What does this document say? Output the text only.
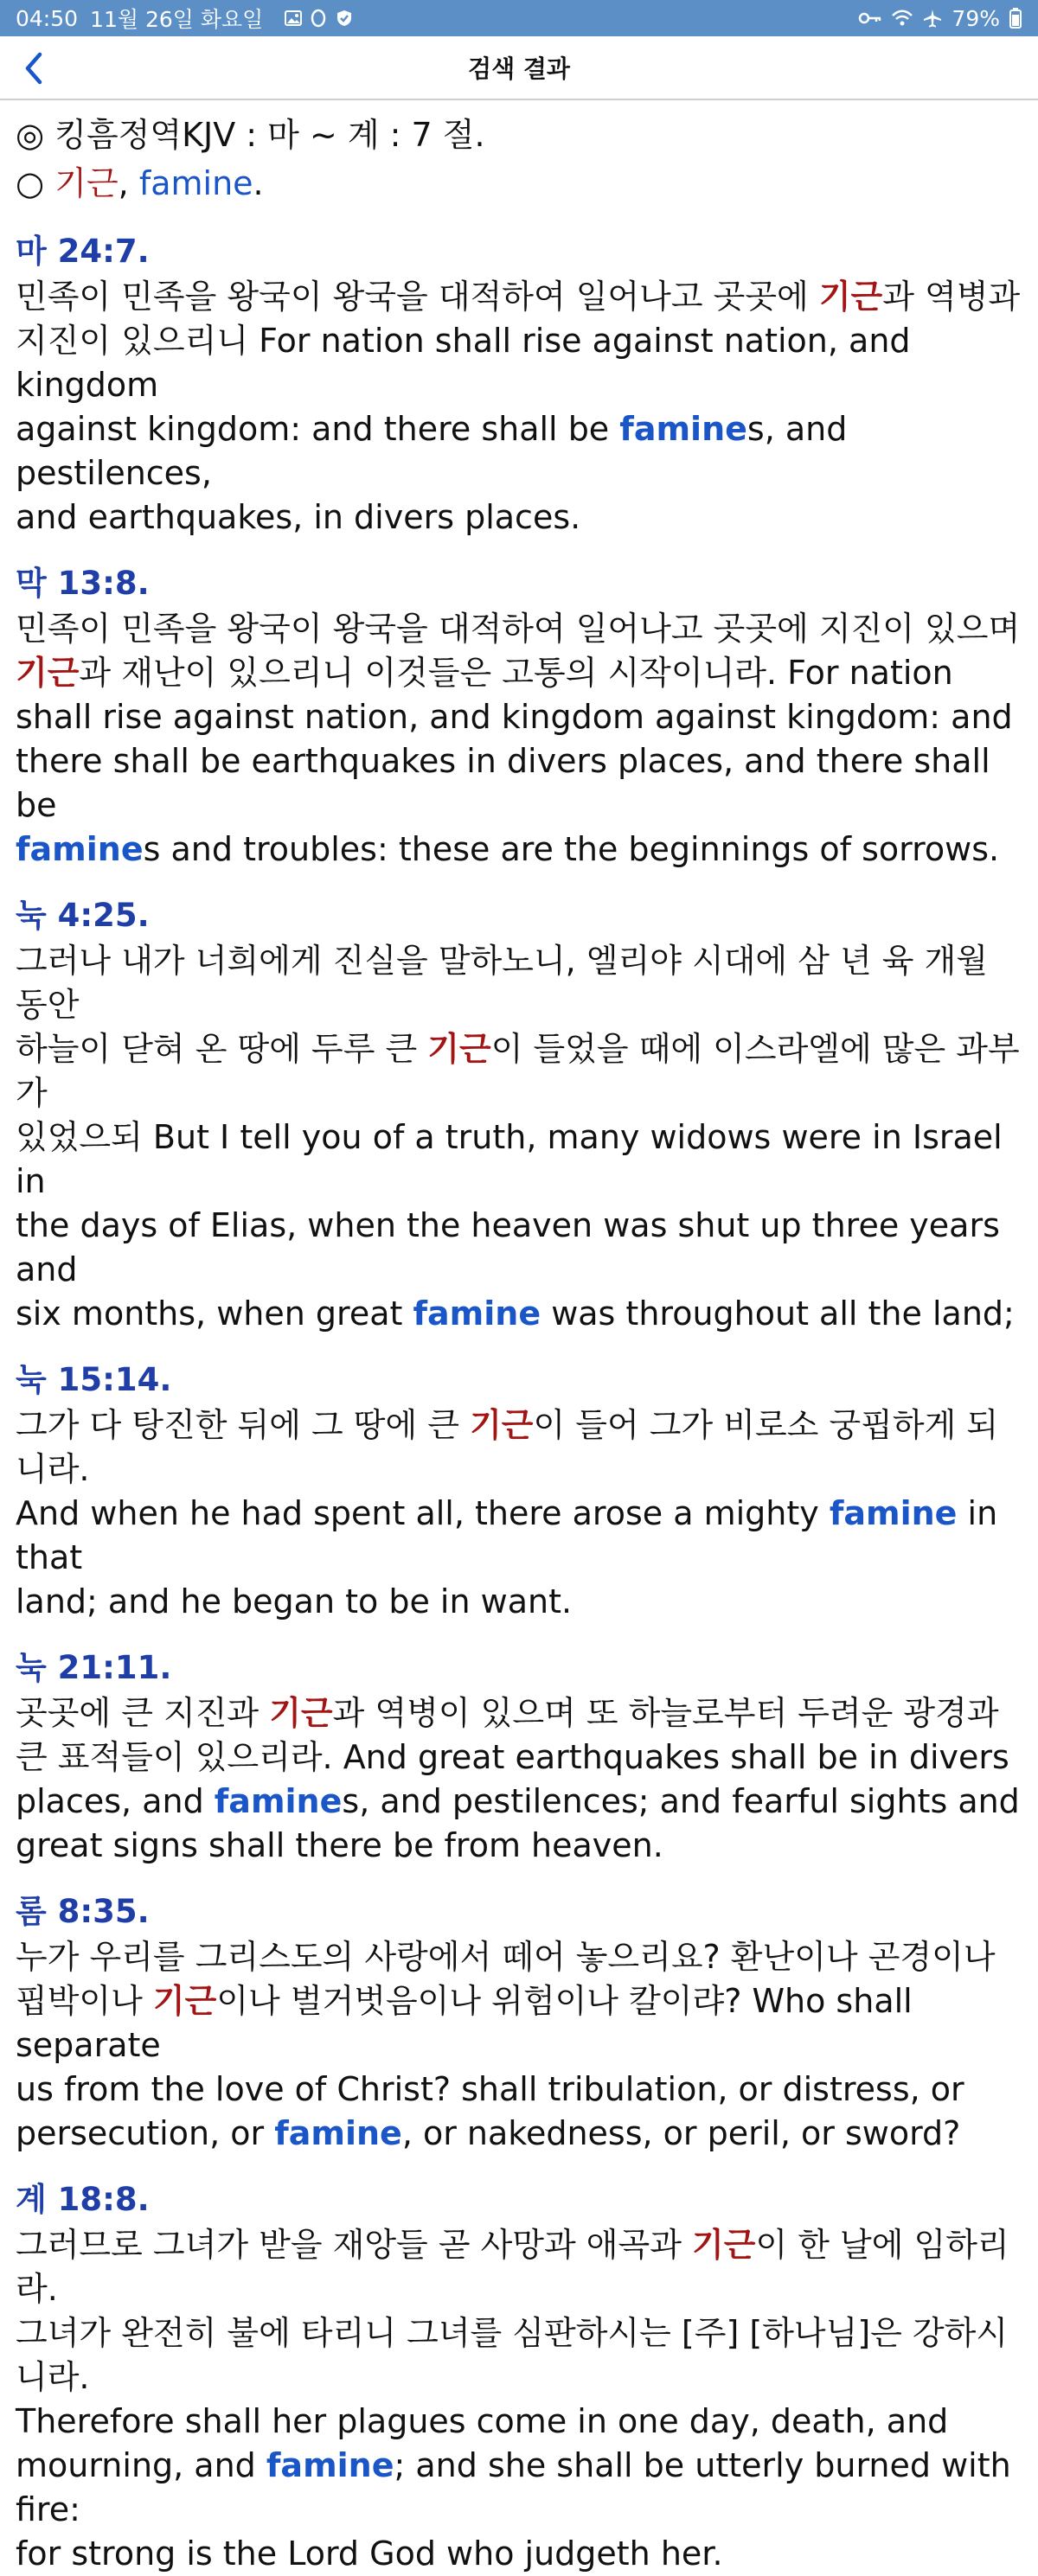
04:50 11월 26일 화요일	79%
검색 결과
◎ 킹흠정역KJV : 마 ~ 계 : 7 절.
○ 기근, famine.
마 24:7.
민족이 민족을 왕국이 왕국을 대적하여 일어나고 곳곳에 기근과 역병과
지진이 있으리니 For nation shall rise against nation, and kingdom
against kingdom: and there shall be famines, and pestilences,
and earthquakes, in divers places.
막 13:8.
민족이 민족을 왕국이 왕국을 대적하여 일어나고 곳곳에 지진이 있으며
기근과 재난이 있으리니 이것들은 고통의 시작이니라. For nation
shall rise against nation, and kingdom against kingdom: and
there shall be earthquakes in divers places, and there shall be
famines and troubles: these are the beginnings of sorrows.
눅 4:25.
그러나 내가 너희에게 진실을 말하노니, 엘리야 시대에 삼 년 육 개월 동안
하늘이 닫혀 온 땅에 두루 큰 기근이 들었을 때에 이스라엘에 많은 과부가
있었으되 But I tell you of a truth, many widows were in Israel in
the days of Elias, when the heaven was shut up three years and
six months, when great famine was throughout all the land;
눅 15:14.
그가 다 탕진한 뒤에 그 땅에 큰 기근이 들어 그가 비로소 궁핍하게 되니라.
And when he had spent all, there arose a mighty famine in that
land; and he began to be in want.
눅 21:11.
곳곳에 큰 지진과 기근과 역병이 있으며 또 하늘로부터 두려운 광경과
큰 표적들이 있으리라. And great earthquakes shall be in divers
places, and famines, and pestilences; and fearful sights and
great signs shall there be from heaven.
롬 8:35.
누가 우리를 그리스도의 사랑에서 떼어 놓으리요? 환난이나 곤경이나
핍박이나 기근이나 벌거벗음이나 위험이나 칼이랴? Who shall separate
us from the love of Christ? shall tribulation, or distress, or
persecution, or famine, or nakedness, or peril, or sword?
계 18:8.
그러므로 그녀가 받을 재앙들 곧 사망과 애곡과 기근이 한 날에 임하리라.
그녀가 완전히 불에 타리니 그녀를 심판하시는 [주] [하나님]은 강하시니라.
Therefore shall her plagues come in one day, death, and
mourning, and famine; and she shall be utterly burned with fire:
for strong is the Lord God who judgeth her.
